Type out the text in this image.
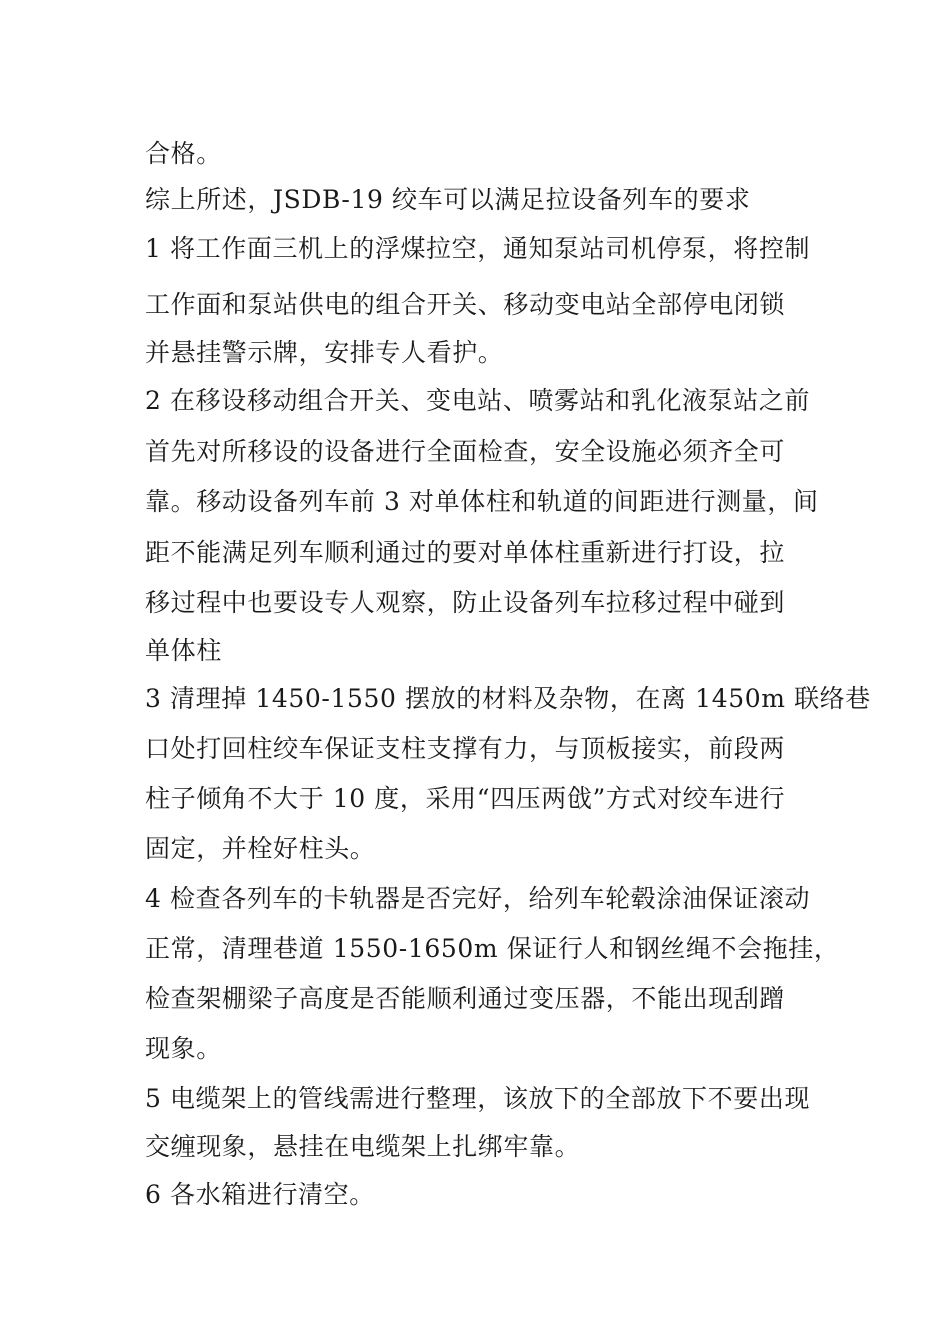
合格。
综上所述，JSDB-19 绞车可以满足拉设备列车的要求
1 将工作面三机上的浮煤拉空，通知泵站司机停泵，将控制
工作面和泵站供电的组合开关、移动变电站全部停电闭锁
并悬挂警示牌，安排专人看护。
2 在移设移动组合开关、变电站、喷雾站和乳化液泵站之前
首先对所移设的设备进行全面检查，安全设施必须齐全可
靠。移动设备列车前 3 对单体柱和轨道的间距进行测量，间
距不能满足列车顺利通过的要对单体柱重新进行打设，拉
移过程中也要设专人观察，防止设备列车拉移过程中碰到
单体柱
3 清理掉 1450-1550 摆放的材料及杂物，在离 1450m 联络巷
口处打回柱绞车保证支柱支撑有力，与顶板接实，前段两
柱子倾角不大于 10 度，采用“四压两戗”方式对绞车进行
固定，并栓好柱头。
4 检查各列车的卡轨器是否完好，给列车轮毂涂油保证滚动
正常，清理巷道 1550-1650m 保证行人和钢丝绳不会拖挂，
检查架棚梁子高度是否能顺利通过变压器，不能出现刮蹭
现象。
5 电缆架上的管线需进行整理，该放下的全部放下不要出现
交缠现象，悬挂在电缆架上扎绑牢靠。
6 各水箱进行清空。
